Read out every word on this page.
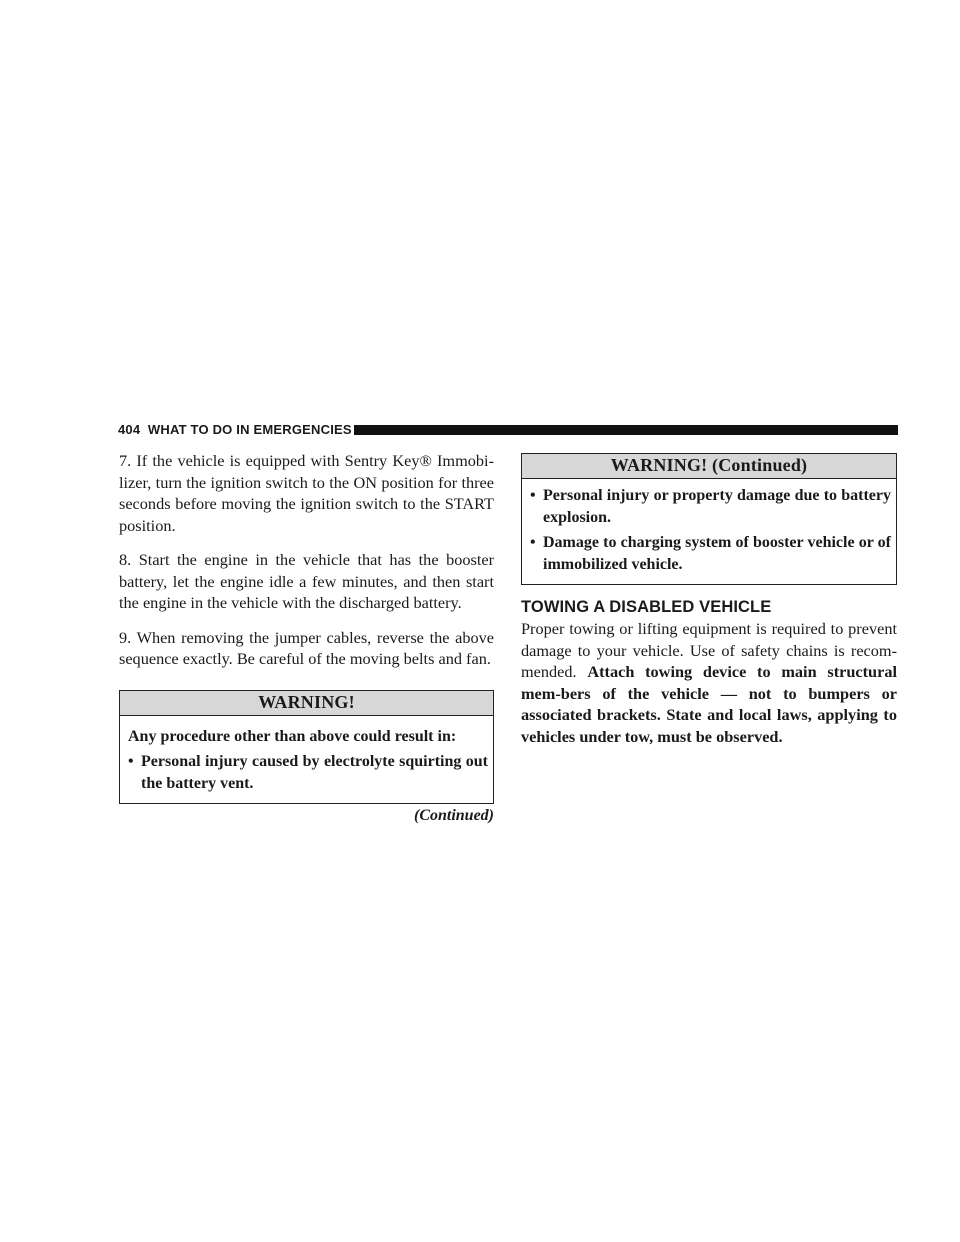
404 WHAT TO DO IN EMERGENCIES

7. If the vehicle is equipped with Sentry Key® Immobi-lizer, turn the ignition switch to the ON position for three seconds before moving the ignition switch to the START position.

8. Start the engine in the vehicle that has the booster battery, let the engine idle a few minutes, and then start the engine in the vehicle with the discharged battery.

9. When removing the jumper cables, reverse the above sequence exactly. Be careful of the moving belts and fan.

WARNING!

Any procedure other than above could result in:

• Personal injury caused by electrolyte squirting out the battery vent.
(Continued)
WARNING! (Continued)
• Personal injury or property damage due to battery explosion.
• Damage to charging system of booster vehicle or of immobilized vehicle.
TOWING A DISABLED VEHICLE

Proper towing or lifting equipment is required to prevent damage to your vehicle. Use of safety chains is recom-mended. Attach towing device to main structural mem-bers of the vehicle — not to bumpers or associated brackets. State and local laws, applying to vehicles under tow, must be observed.
